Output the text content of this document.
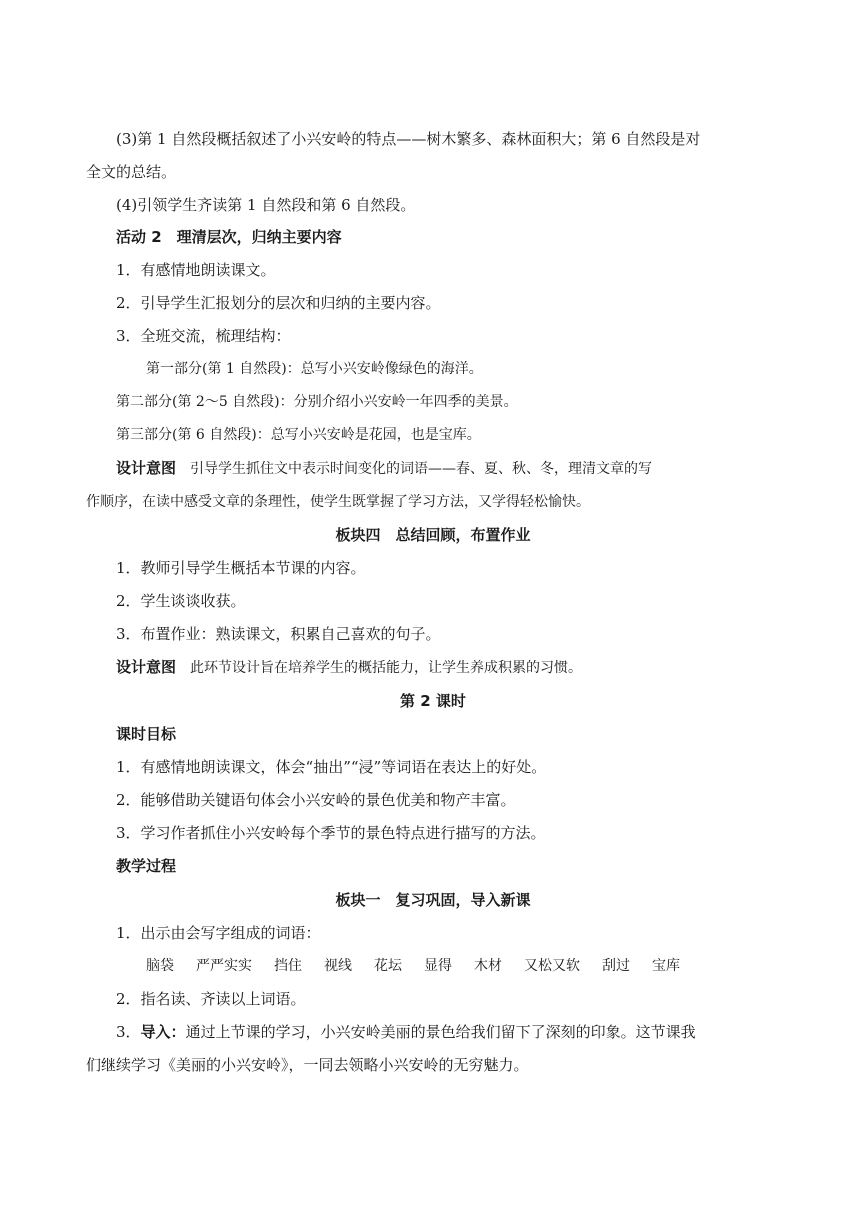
(3)第 1 自然段概括叙述了小兴安岭的特点——树木繁多、森林面积大；第 6 自然段是对

全文的总结。

(4)引领学生齐读第 1 自然段和第 6 自然段。

活动 2　理清层次，归纳主要内容

1．有感情地朗读课文。

2．引导学生汇报划分的层次和归纳的主要内容。

3．全班交流，梳理结构：

第一部分(第 1 自然段)：总写小兴安岭像绿色的海洋。

第二部分(第 2～5 自然段)：分别介绍小兴安岭一年四季的美景。

第三部分(第 6 自然段)：总写小兴安岭是花园，也是宝库。

设计意图 引导学生抓住文中表示时间变化的词语——春、夏、秋、冬，理清文章的写

作顺序，在读中感受文章的条理性，使学生既掌握了学习方法，又学得轻松愉快。

板块四　总结回顾，布置作业

1．教师引导学生概括本节课的内容。

2．学生谈谈收获。

3．布置作业：熟读课文，积累自己喜欢的句子。

设计意图 此环节设计旨在培养学生的概括能力，让学生养成积累的习惯。

第 2 课时

课时目标

1．有感情地朗读课文，体会“抽出”“浸”等词语在表达上的好处。

2．能够借助关键语句体会小兴安岭的景色优美和物产丰富。

3．学习作者抓住小兴安岭每个季节的景色特点进行描写的方法。

教学过程

板块一　复习巩固，导入新课

1．出示由会写字组成的词语：

脑袋 严严实实 挡住 视线 花坛 显得 木材 又松又软 刮过 宝库

2．指名读、齐读以上词语。

3．导入：通过上节课的学习，小兴安岭美丽的景色给我们留下了深刻的印象。这节课我

们继续学习《美丽的小兴安岭》，一同去领略小兴安岭的无穷魅力。
